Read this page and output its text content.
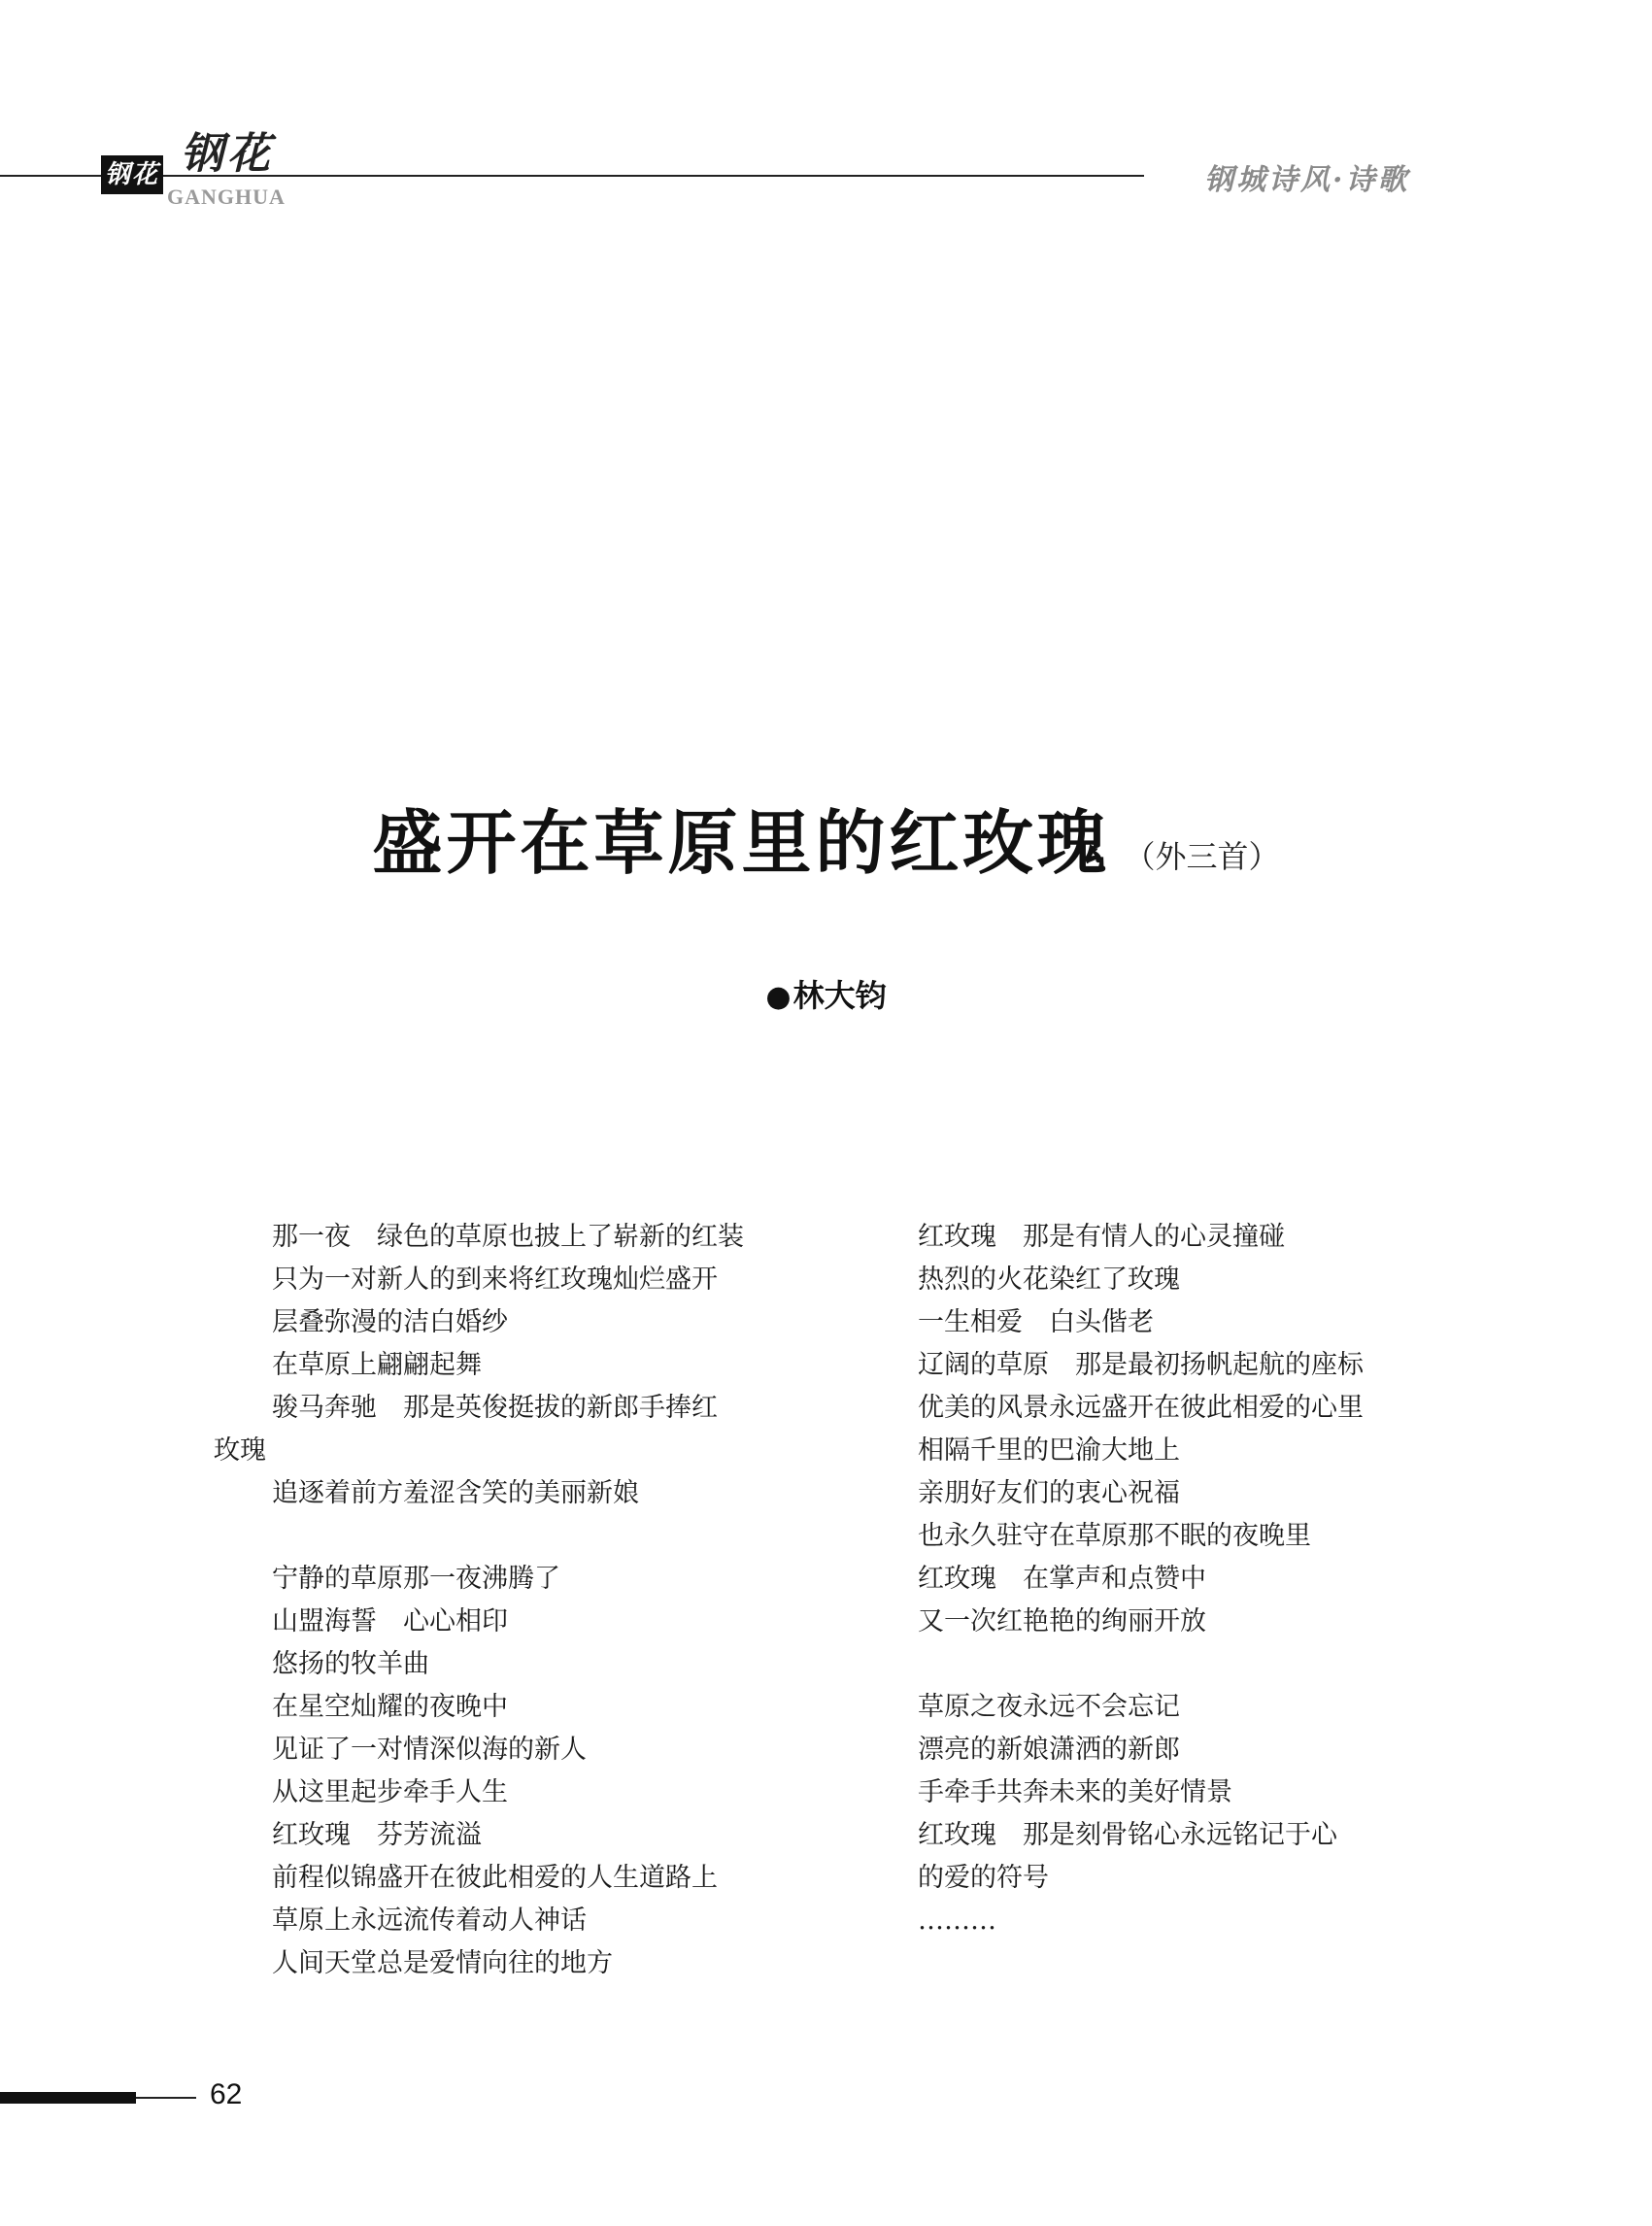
钢花 钢花
GANGHUA	钢城诗风·诗歌
盛开在草原里的红玫瑰 （外三首）
●林大钧
那一夜　绿色的草原也披上了崭新的红装
只为一对新人的到来将红玫瑰灿烂盛开
层叠弥漫的洁白婚纱
在草原上翩翩起舞
骏马奔驰　那是英俊挺拔的新郎手捧红
玫瑰
追逐着前方羞涩含笑的美丽新娘
宁静的草原那一夜沸腾了
山盟海誓　心心相印
悠扬的牧羊曲
在星空灿耀的夜晚中
见证了一对情深似海的新人
从这里起步牵手人生
红玫瑰　芬芳流溢
前程似锦盛开在彼此相爱的人生道路上
草原上永远流传着动人神话
人间天堂总是爱情向往的地方
红玫瑰　那是有情人的心灵撞碰
热烈的火花染红了玫瑰
一生相爱　白头偕老
辽阔的草原　那是最初扬帆起航的座标
优美的风景永远盛开在彼此相爱的心里
相隔千里的巴渝大地上
亲朋好友们的衷心祝福
也永久驻守在草原那不眠的夜晚里
红玫瑰　在掌声和点赞中
又一次红艳艳的绚丽开放
草原之夜永远不会忘记
漂亮的新娘潇洒的新郎
手牵手共奔未来的美好情景
红玫瑰　那是刻骨铭心永远铭记于心
的爱的符号
………
62
